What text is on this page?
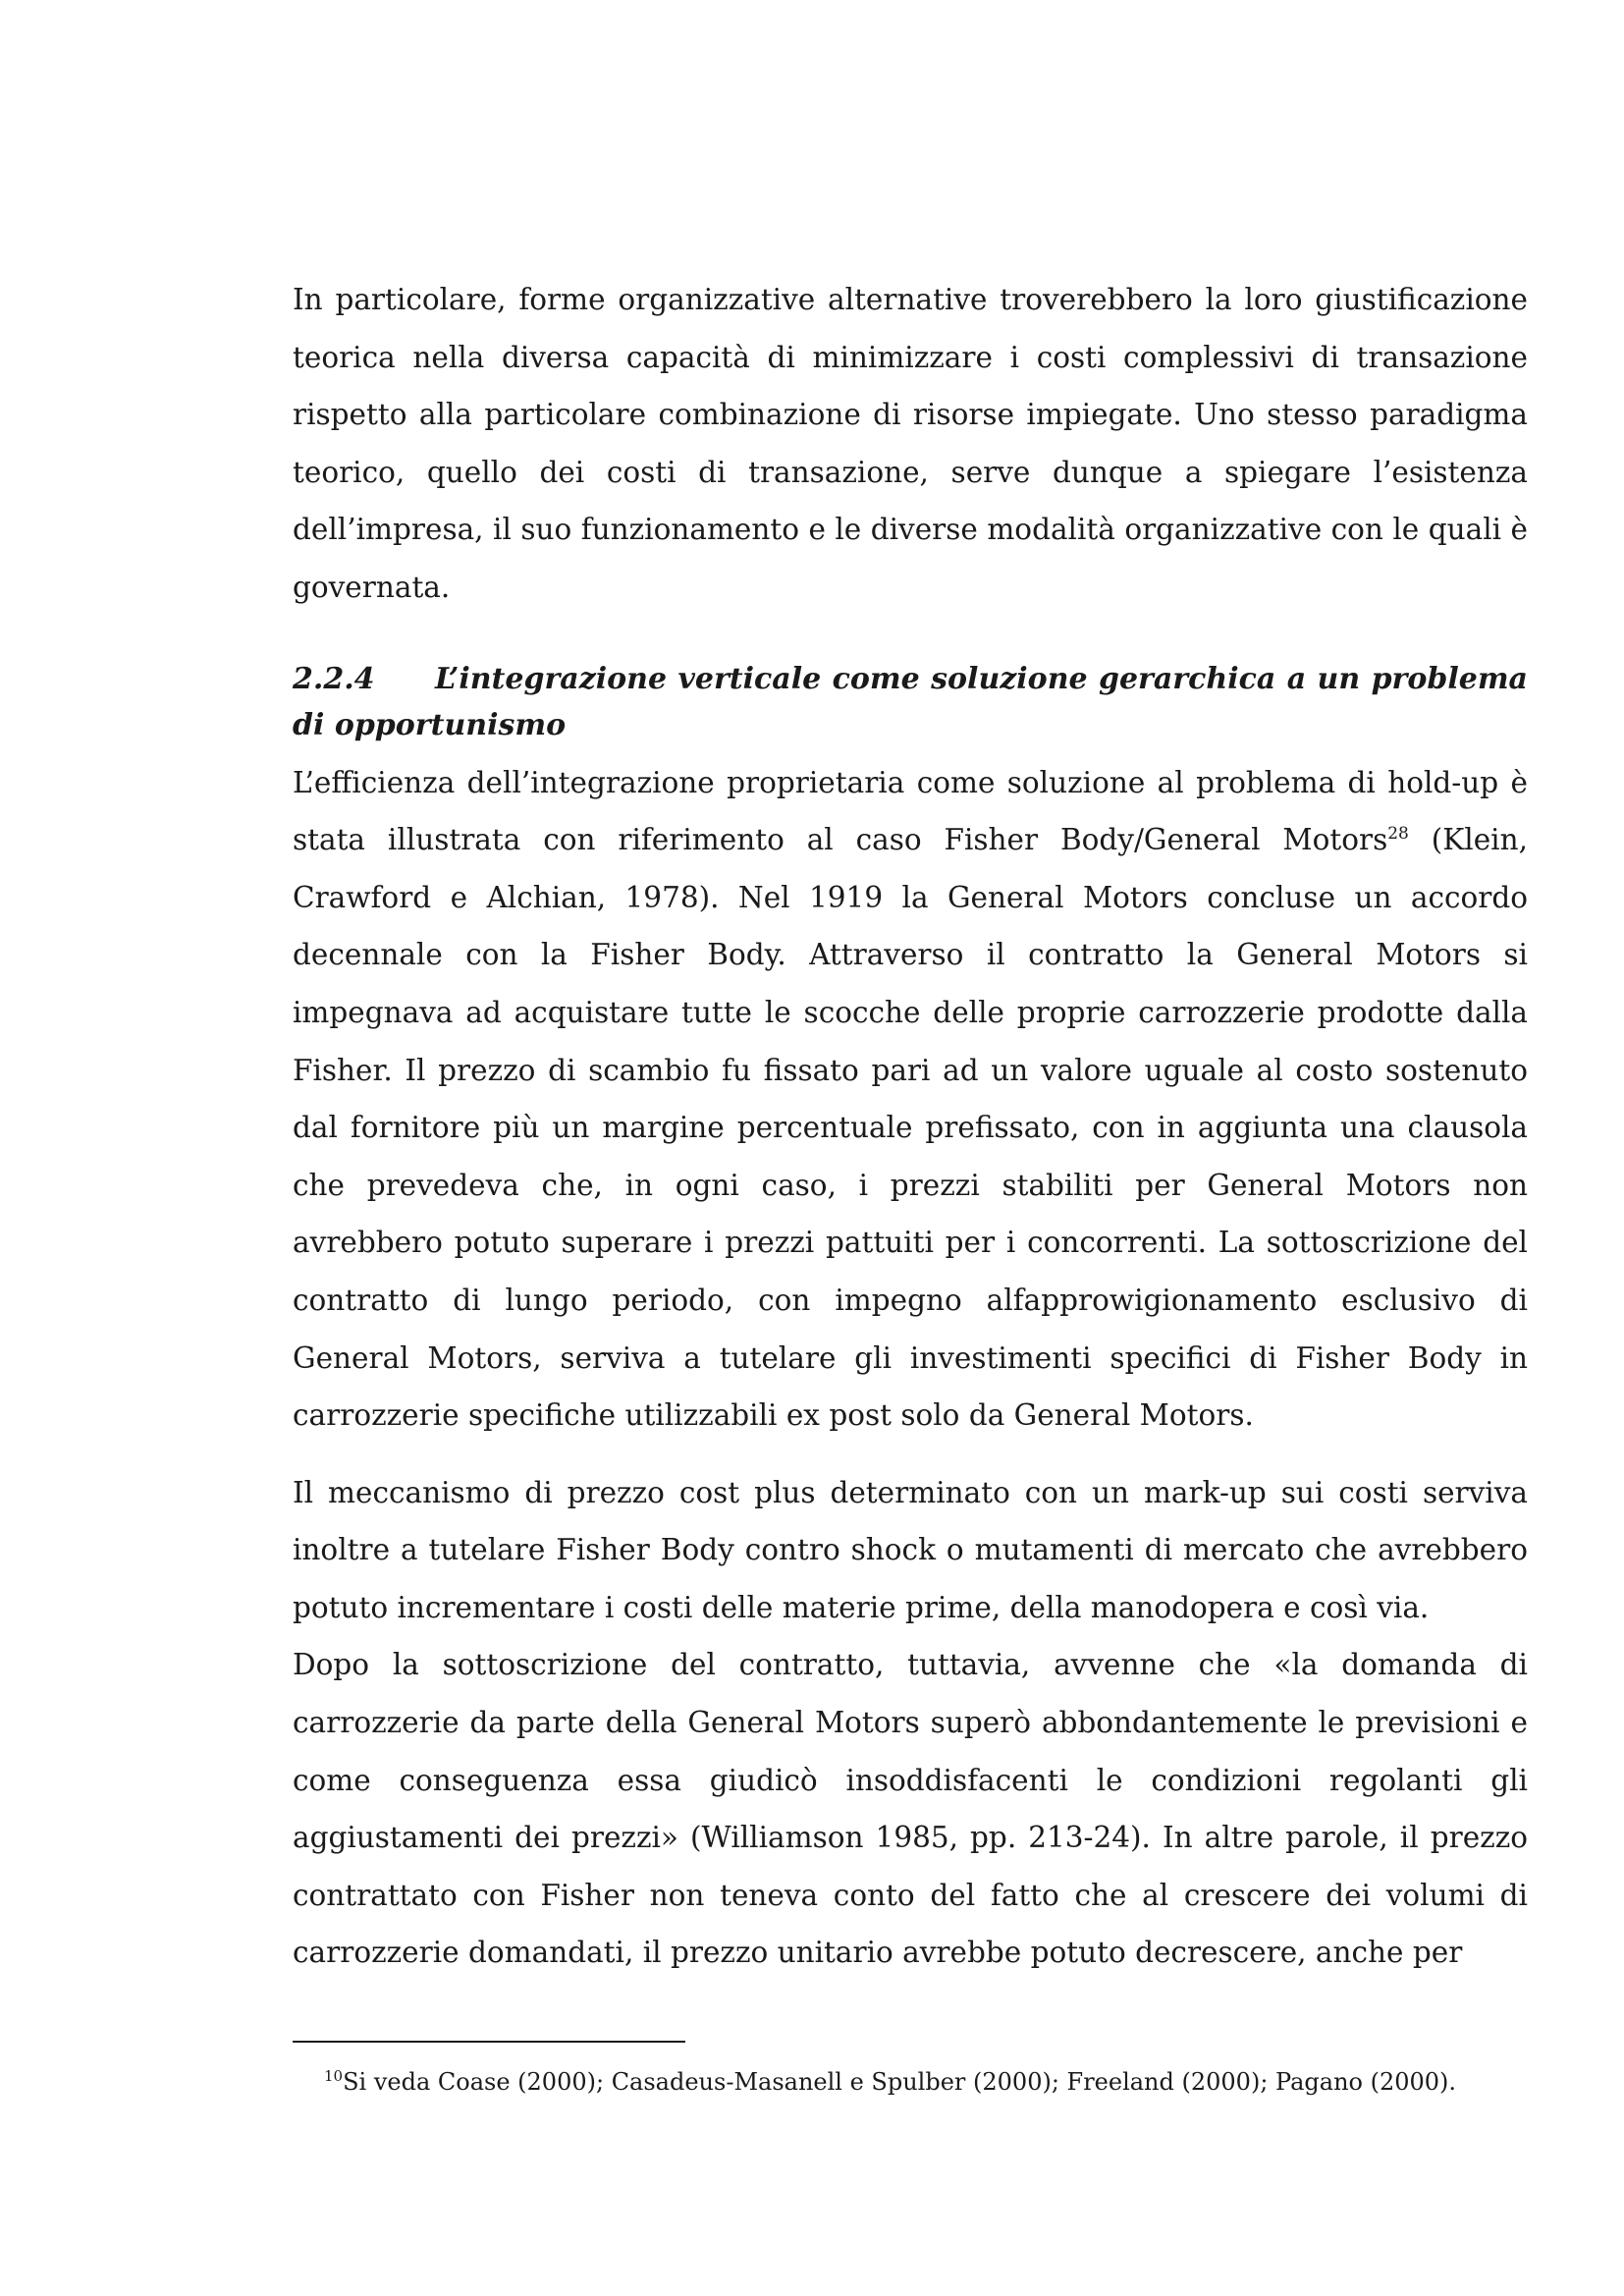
In particolare, forme organizzative alternative troverebbero la loro giustificazione teorica nella diversa capacità di minimizzare i costi complessivi di transazione rispetto alla particolare combinazione di risorse impiegate. Uno stesso paradigma teorico, quello dei costi di transazione, serve dunque a spiegare l’esistenza dell’impresa, il suo funzionamento e le diverse modalità organizzative con le quali è governata.

2.2.4 L’integrazione verticale come soluzione gerarchica a un problema di opportunismo

L’efficienza dell’integrazione proprietaria come soluzione al problema di hold-up è stata illustrata con riferimento al caso Fisher Body/General Motors$^{28}$ (Klein, Crawford e Alchian, 1978). Nel 1919 la General Motors concluse un accordo decennale con la Fisher Body. Attraverso il contratto la General Motors si impegnava ad acquistare tutte le scocche delle proprie carrozzerie prodotte dalla Fisher. Il prezzo di scambio fu fissato pari ad un valore uguale al costo sostenuto dal fornitore più un margine percentuale prefissato, con in aggiunta una clausola che prevedeva che, in ogni caso, i prezzi stabiliti per General Motors non avrebbero potuto superare i prezzi pattuiti per i concorrenti. La sottoscrizione del contratto di lungo periodo, con impegno alfapprowigionamento esclusivo di General Motors, serviva a tutelare gli investimenti specifici di Fisher Body in carrozzerie specifiche utilizzabili ex post solo da General Motors.

Il meccanismo di prezzo cost plus determinato con un mark-up sui costi serviva inoltre a tutelare Fisher Body contro shock o mutamenti di mercato che avrebbero potuto incrementare i costi delle materie prime, della manodopera e così via.

Dopo la sottoscrizione del contratto, tuttavia, avvenne che «la domanda di carrozzerie da parte della General Motors superò abbondantemente le previsioni e come conseguenza essa giudicò insoddisfacenti le condizioni regolanti gli aggiustamenti dei prezzi» (Williamson 1985, pp. 213-24). In altre parole, il prezzo contrattato con Fisher non teneva conto del fatto che al crescere dei volumi di carrozzerie domandati, il prezzo unitario avrebbe potuto decrescere, anche per

$^{10}$Si veda Coase (2000); Casadeus-Masanell e Spulber (2000); Freeland (2000); Pagano (2000).
